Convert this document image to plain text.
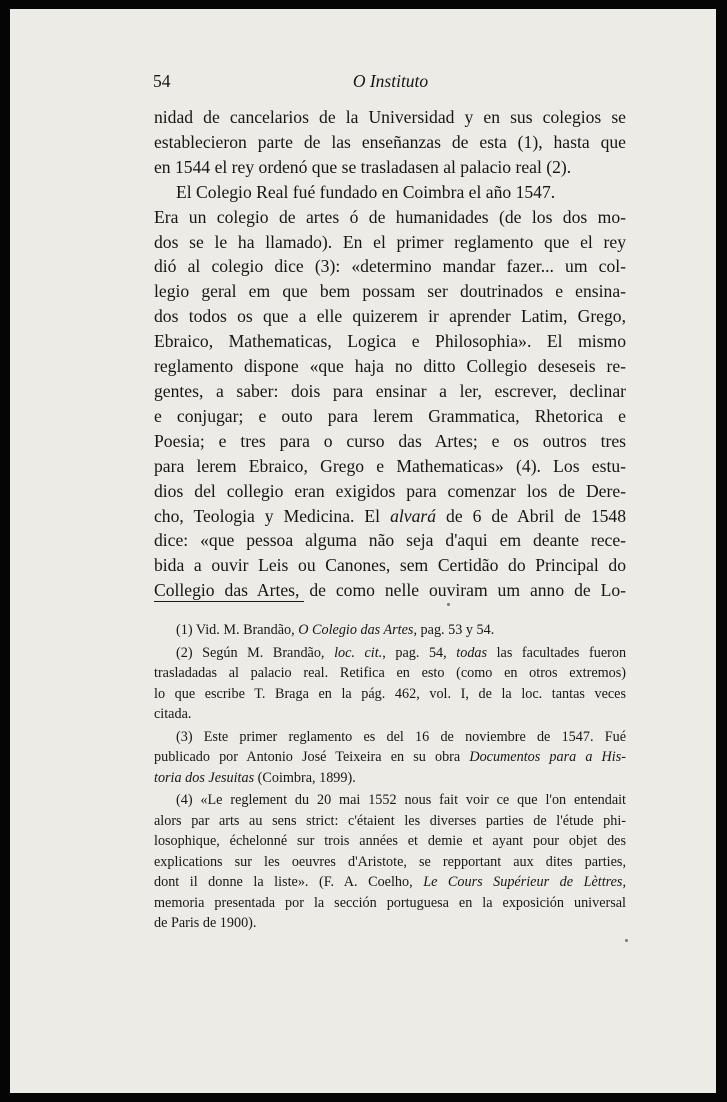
54	O Instituto
nidad de cancelarios de la Universidad y en sus colegios se
establecieron parte de las enseñanzas de esta (1), hasta que
en 1544 el rey ordenó que se trasladasen al palacio real (2).
El Colegio Real fué fundado en Coimbra el año 1547.
Era un colegio de artes ó de humanidades (de los dos mo-
dos se le ha llamado). En el primer reglamento que el rey
dió al colegio dice (3): «determino mandar fazer... um col-
legio geral em que bem possam ser doutrinados e ensina-
dos todos os que a elle quizerem ir aprender Latim, Grego,
Ebraico, Mathematicas, Logica e Philosophia». El mismo
reglamento dispone «que haja no ditto Collegio deseseis re-
gentes, a saber: dois para ensinar a ler, escrever, declinar
e conjugar; e outo para lerem Grammatica, Rhetorica e
Poesia; e tres para o curso das Artes; e os outros tres
para lerem Ebraico, Grego e Mathematicas» (4). Los estu-
dios del collegio eran exigidos para comenzar los de Dere-
cho, Teologia y Medicina. El alvará de 6 de Abril de 1548
dice: «que pessoa alguma não seja d'aqui em deante rece-
bida a ouvir Leis ou Canones, sem Certidão do Principal do
Collegio das Artes, de como nelle ouviram um anno de Lo-
(1) Vid. M. Brandão, O Colegio das Artes, pag. 53 y 54.
(2) Según M. Brandão, loc. cit., pag. 54, todas las facultades fueron
trasladadas al palacio real. Retifica en esto (como en otros extremos)
lo que escribe T. Braga en la pág. 462, vol. I, de la loc. tantas veces
citada.
(3) Este primer reglamento es del 16 de noviembre de 1547. Fué
publicado por Antonio José Teixeira en su obra Documentos para a His-
toria dos Jesuitas (Coimbra, 1899).
(4) «Le reglement du 20 mai 1552 nous fait voir ce que l'on entendait
alors par arts au sens strict: c'étaient les diverses parties de l'étude phi-
losophique, échelonné sur trois années et demie et ayant pour objet des
explications sur les oeuvres d'Aristote, se repportant aux dites parties,
dont il donne la liste». (F. A. Coelho, Le Cours Supérieur de Lèttres,
memoria presentada por la sección portuguesa en la exposición universal
de Paris de 1900).
